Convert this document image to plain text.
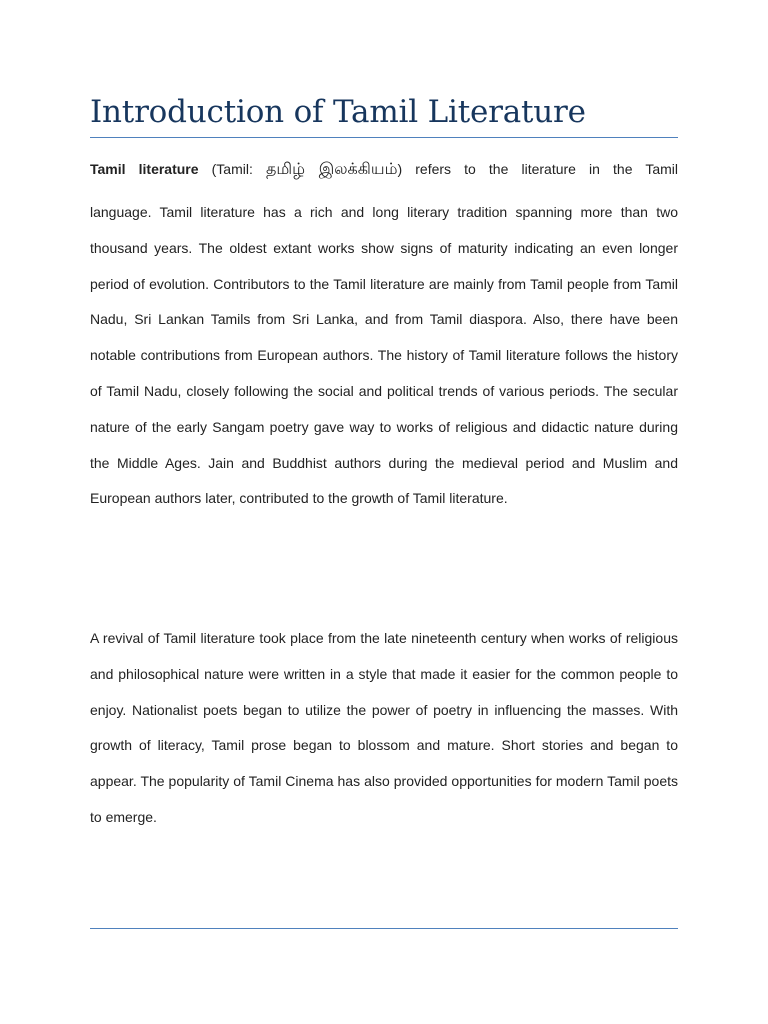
Introduction of Tamil Literature
Tamil literature (Tamil: தமிழ் இலக்கியம்) refers to the literature in the Tamil
language. Tamil literature has a rich and long literary tradition spanning more than two thousand years. The oldest extant works show signs of maturity indicating an even longer period of evolution. Contributors to the Tamil literature are mainly from Tamil people from Tamil Nadu, Sri Lankan Tamils from Sri Lanka, and from Tamil diaspora. Also, there have been notable contributions from European authors. The history of Tamil literature follows the history of Tamil Nadu, closely following the social and political trends of various periods. The secular nature of the early Sangam poetry gave way to works of religious and didactic nature during the Middle Ages. Jain and Buddhist authors during the medieval period and Muslim and European authors later, contributed to the growth of Tamil literature.

A revival of Tamil literature took place from the late nineteenth century when works of religious and philosophical nature were written in a style that made it easier for the common people to enjoy. Nationalist poets began to utilize the power of poetry in influencing the masses. With growth of literacy, Tamil prose began to blossom and mature. Short stories and began to appear. The popularity of Tamil Cinema has also provided opportunities for modern Tamil poets to emerge.
